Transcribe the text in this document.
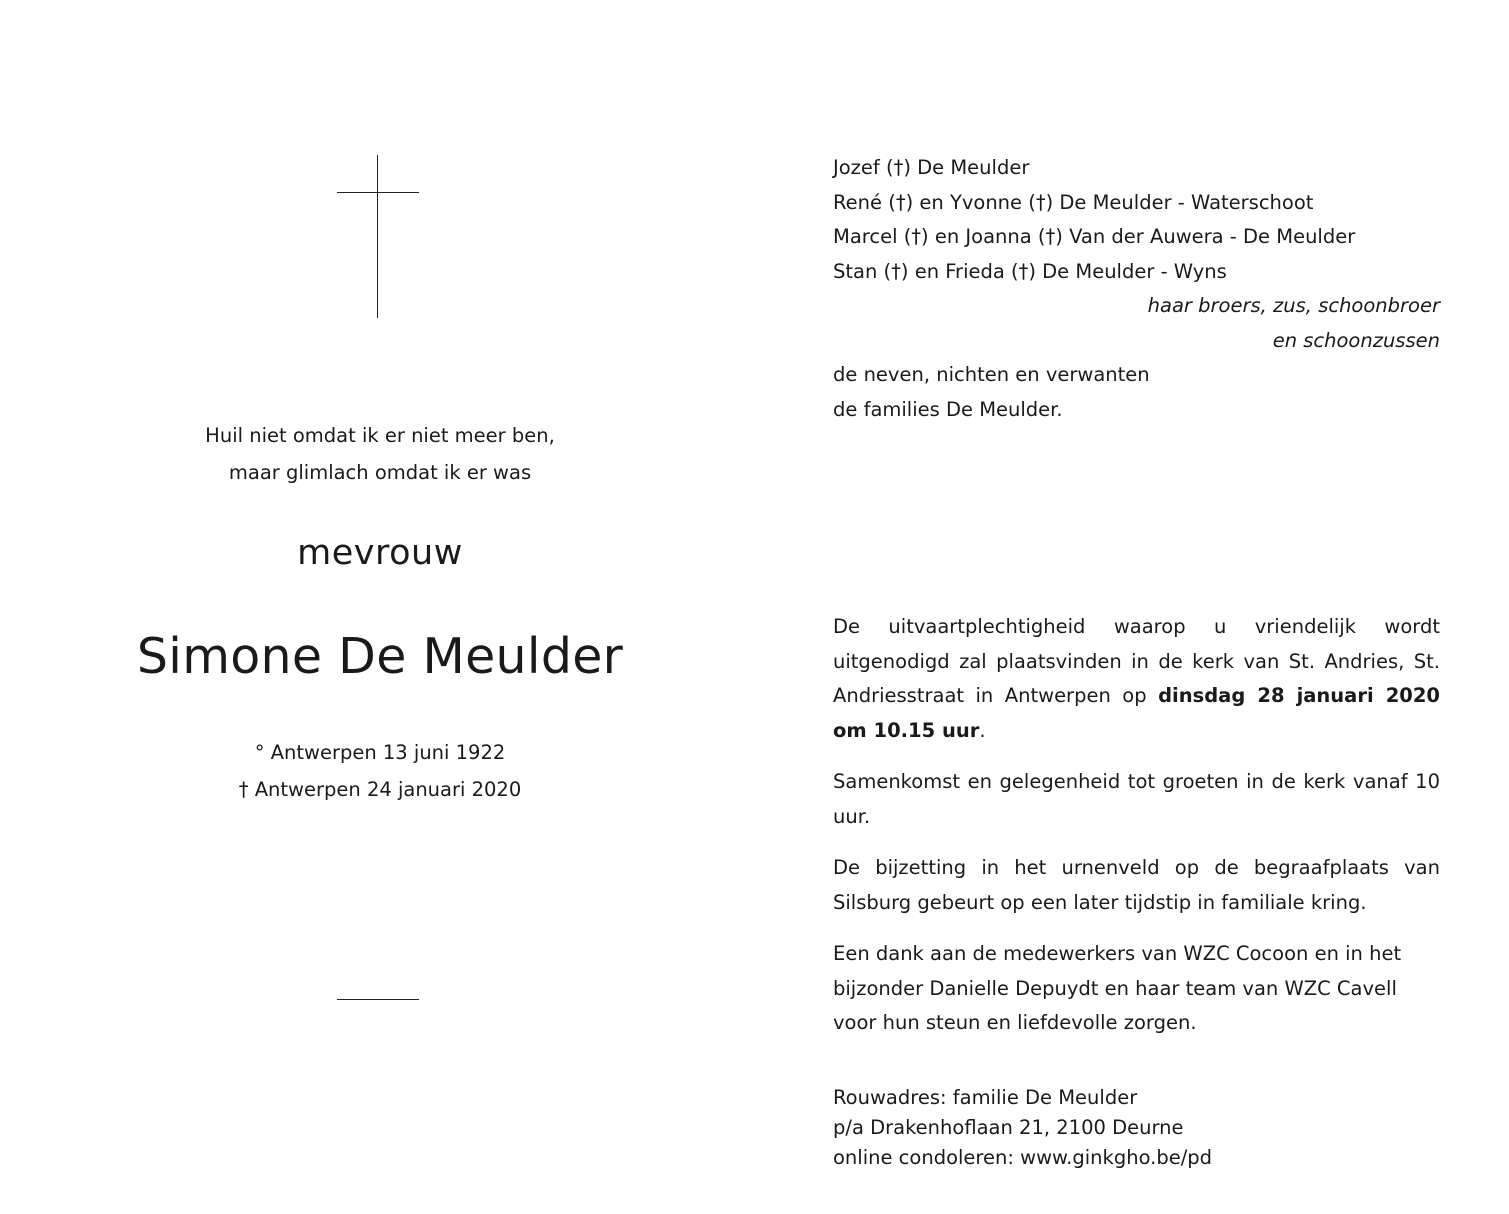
Huil niet omdat ik er niet meer ben,
maar glimlach omdat ik er was
mevrouw
Simone De Meulder
° Antwerpen 13 juni 1922
† Antwerpen 24 januari 2020
Jozef (†) De Meulder
René (†) en Yvonne (†) De Meulder - Waterschoot
Marcel (†) en Joanna (†) Van der Auwera - De Meulder
Stan (†) en Frieda (†) De Meulder - Wyns
haar broers, zus, schoonbroer
en schoonzussen
de neven, nichten en verwanten
de families De Meulder.

De uitvaartplechtigheid waarop u vriendelijk wordt uitgenodigd zal plaatsvinden in de kerk van St. Andries, St. Andriesstraat in Antwerpen op dinsdag 28 januari 2020 om 10.15 uur.

Samenkomst en gelegenheid tot groeten in de kerk vanaf 10 uur.

De bijzetting in het urnenveld op de begraafplaats van Silsburg gebeurt op een later tijdstip in familiale kring.

Een dank aan de medewerkers van WZC Cocoon en in het bijzonder Danielle Depuydt en haar team van WZC Cavell voor hun steun en liefdevolle zorgen.

Rouwadres: familie De Meulder
p/a Drakenhoflaan 21, 2100 Deurne
online condoleren: www.ginkgho.be/pd
